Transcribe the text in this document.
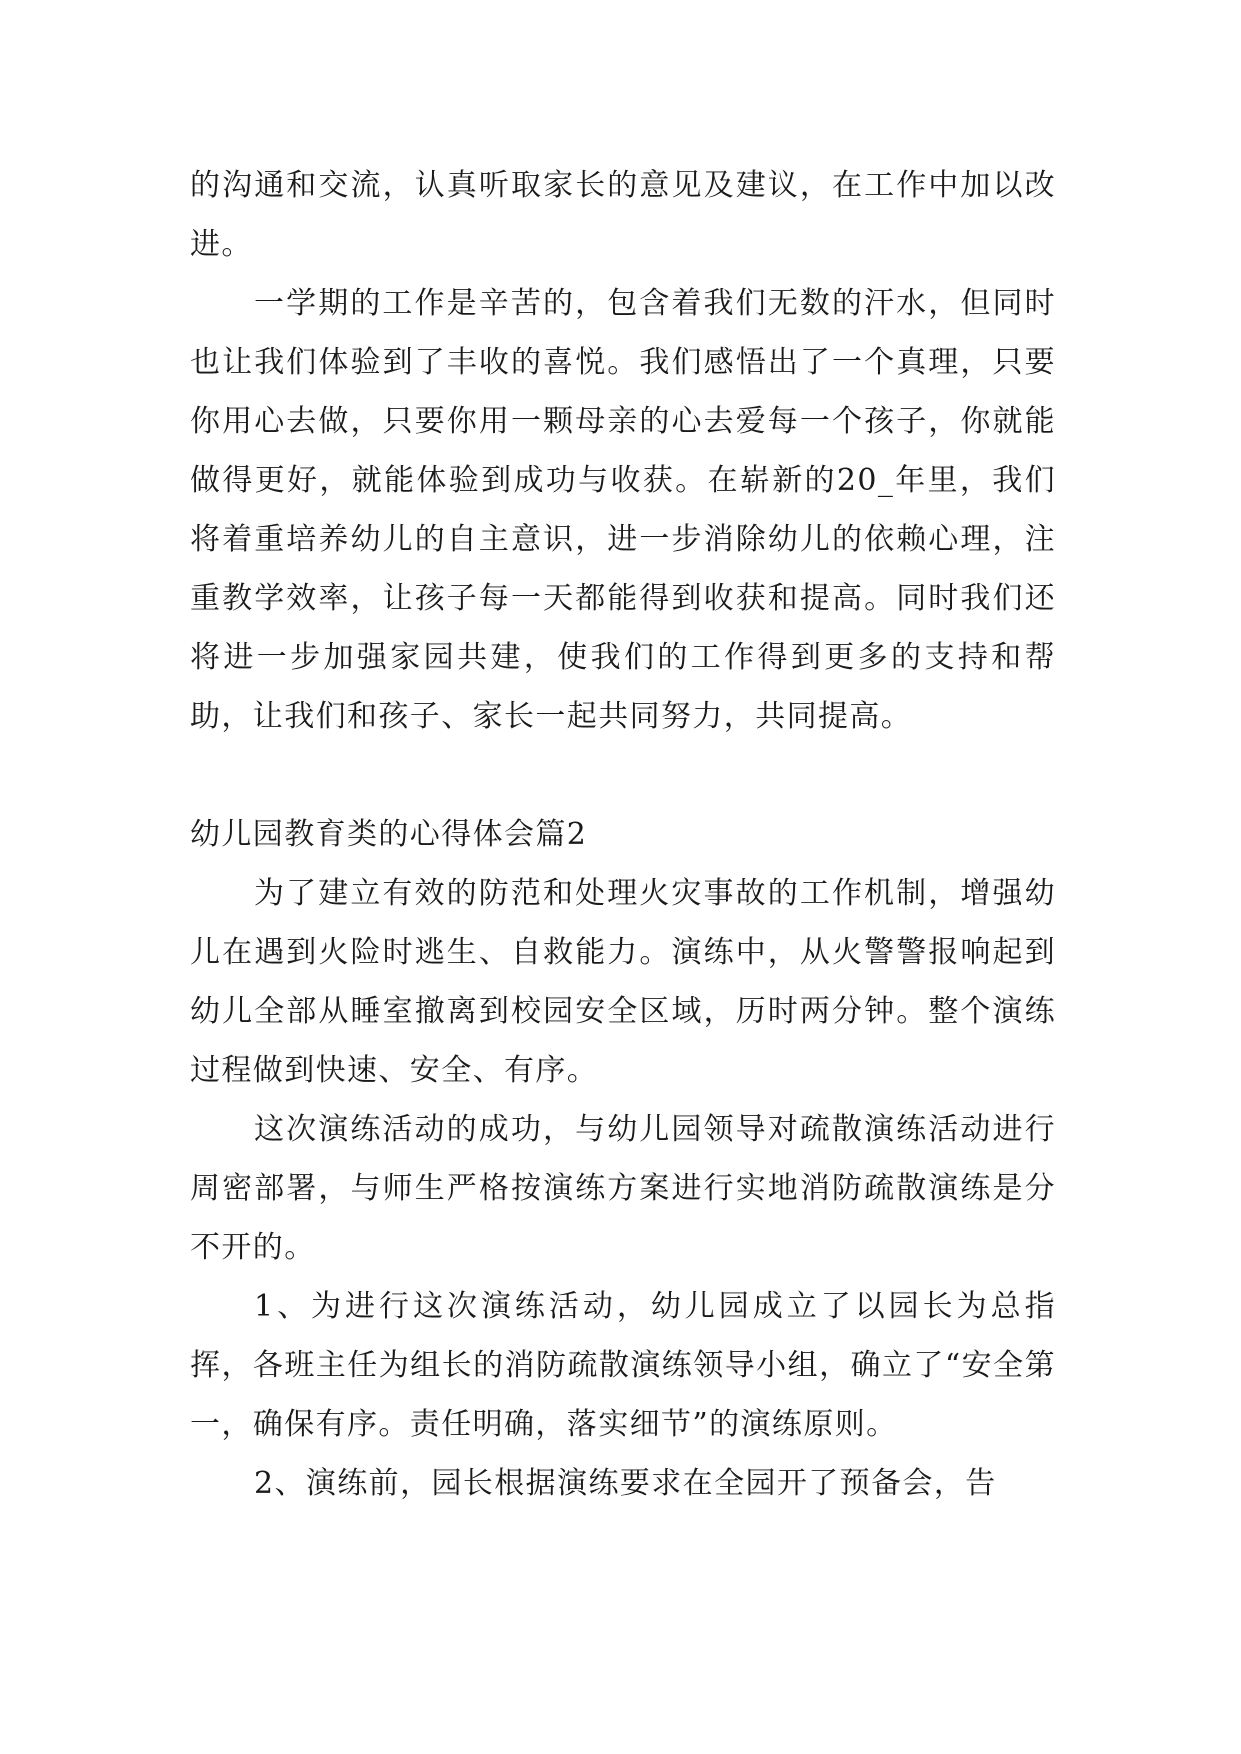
的沟通和交流，认真听取家长的意见及建议，在工作中加以改进。

一学期的工作是辛苦的，包含着我们无数的汗水，但同时也让我们体验到了丰收的喜悦。我们感悟出了一个真理，只要你用心去做，只要你用一颗母亲的心去爱每一个孩子，你就能做得更好，就能体验到成功与收获。在崭新的20_年里，我们将着重培养幼儿的自主意识，进一步消除幼儿的依赖心理，注重教学效率，让孩子每一天都能得到收获和提高。同时我们还将进一步加强家园共建，使我们的工作得到更多的支持和帮助，让我们和孩子、家长一起共同努力，共同提高。

幼儿园教育类的心得体会篇2

为了建立有效的防范和处理火灾事故的工作机制，增强幼儿在遇到火险时逃生、自救能力。演练中，从火警警报响起到幼儿全部从睡室撤离到校园安全区域，历时两分钟。整个演练过程做到快速、安全、有序。

这次演练活动的成功，与幼儿园领导对疏散演练活动进行周密部署，与师生严格按演练方案进行实地消防疏散演练是分不开的。

1、为进行这次演练活动，幼儿园成立了以园长为总指挥，各班主任为组长的消防疏散演练领导小组，确立了“安全第一，确保有序。责任明确，落实细节”的演练原则。

2、演练前，园长根据演练要求在全园开了预备会，告
